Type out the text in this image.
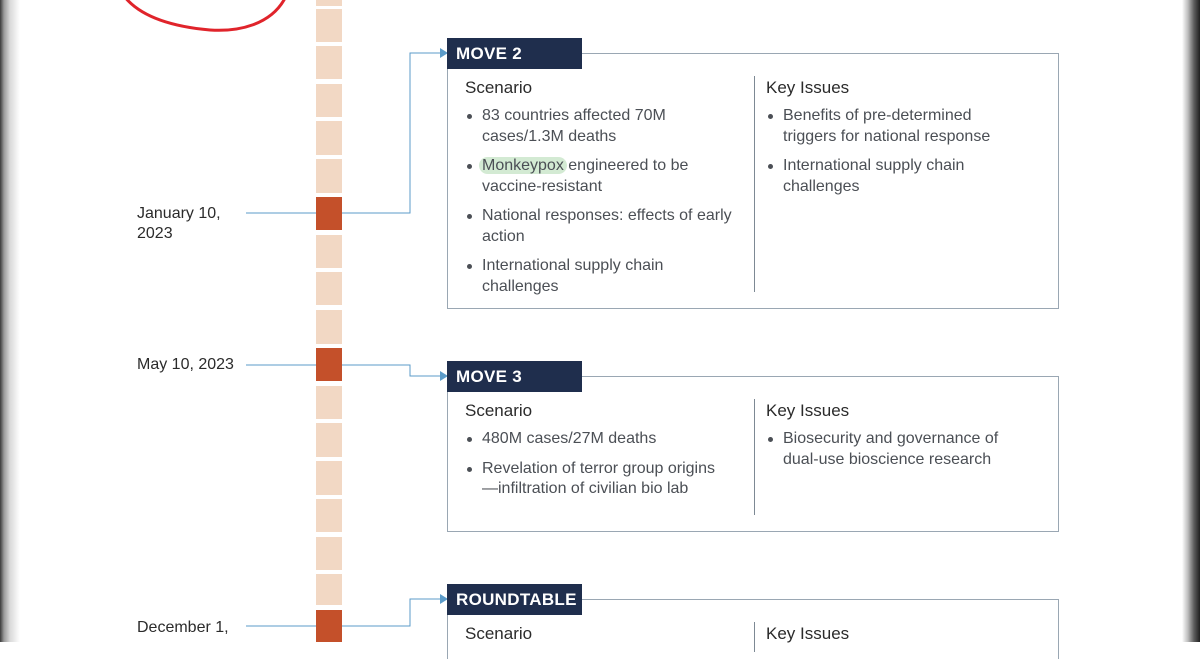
January 10, 2023
May 10, 2023
December 1,
MOVE 2
Scenario
83 countries affected 70M cases/1.3M deaths
Monkeypox engineered to be vaccine-resistant
National responses: effects of early action
International supply chain challenges
Key Issues
Benefits of pre-determined triggers for national response
International supply chain challenges
MOVE 3
Scenario
480M cases/27M deaths
Revelation of terror group origins—infiltration of civilian bio lab
Key Issues
Biosecurity and governance of dual-use bioscience research
ROUNDTABLE
Scenario	Key Issues
